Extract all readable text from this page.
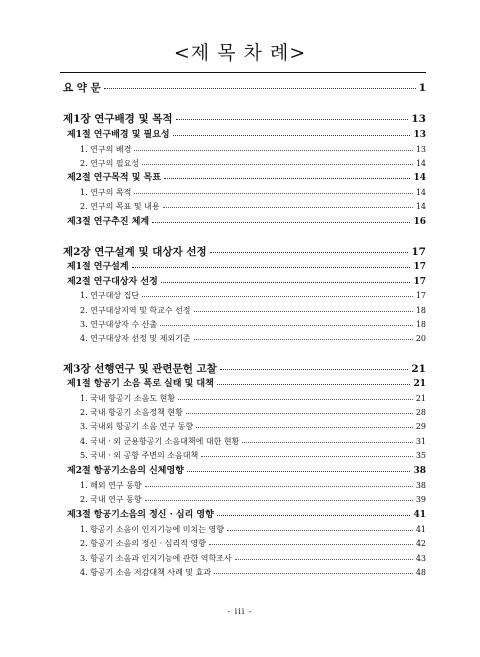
<제 목 차 례>
요 약 문	1
제1장 연구배경 및 목적	13
제1절 연구배경 및 필요성	13
1. 연구의 배경	13
2. 연구의 필요성	14
제2절 연구목적 및 목표	14
1. 연구의 목적	14
2. 연구의 목표 및 내용	14
제3절 연구추진 체계	16
제2장 연구설계 및 대상자 선정	17
제1절 연구설계	17
제2절 연구대상자 선정	17
1. 연구대상 집단	17
2. 연구대상지역 및 학교수 선정	18
3. 연구대상자 수 산출	18
4. 연구대상자 선정 및 제외기준	20
제3장 선행연구 및 관련문헌 고찰	21
제1절 항공기 소음 폭로 실태 및 대책	21
1. 국내 항공기 소음도 현황	21
2. 국내 항공기 소음정책 현황	28
3. 국내외 항공기 소음 연구 동향	29
4. 국내 · 외 군용항공기 소음대책에 대한 현황	31
5. 국내 · 외 공항 주변의 소음대책	35
제2절 항공기소음의 신체영향	38
1. 해외 연구 동향	38
2. 국내 연구 동향	39
제3절 항공기소음의 정신 · 심리 영향	41
1. 항공기 소음이 인지기능에 미치는 영향	41
2. 항공기 소음의 정신 · 심리적 영향	42
3. 항공기 소음과 인지기능에 관한 역학조사	43
4. 항공기 소음 저감대책 사례 및 효과	48
- iii -
